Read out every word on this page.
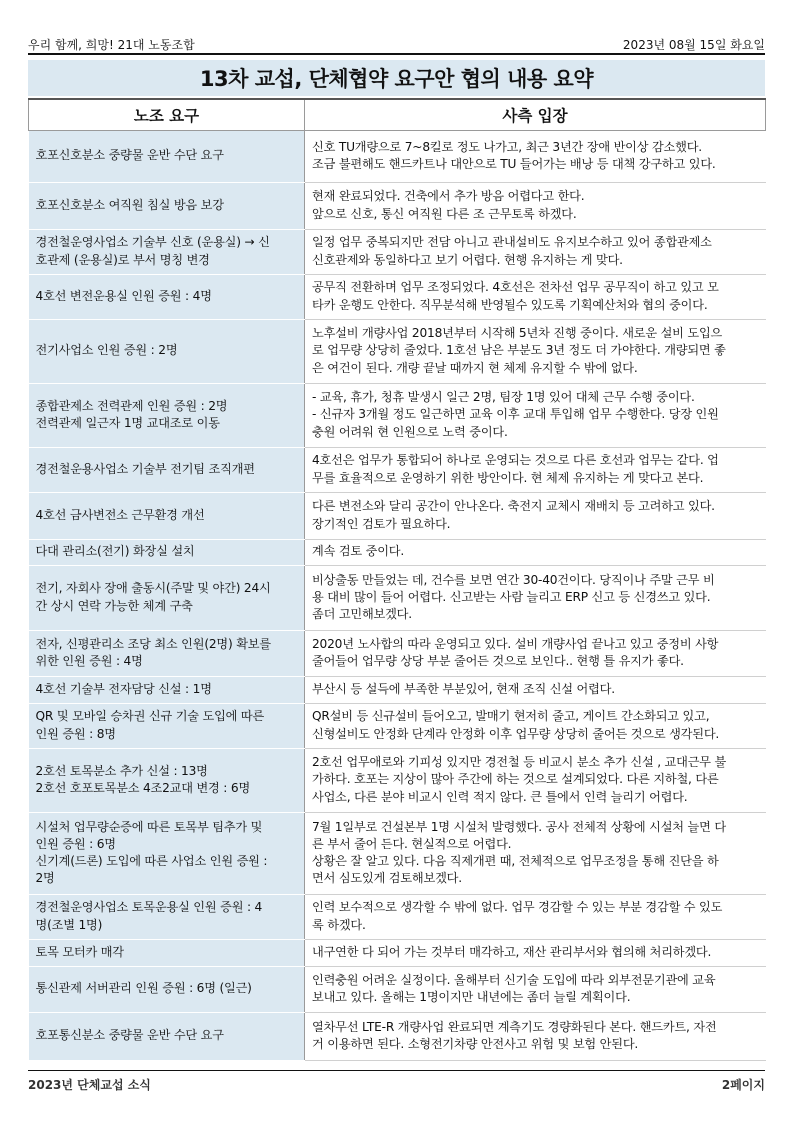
우리 함께, 희망! 21대 노동조합	2023년 08월 15일 화요일
13차 교섭, 단체협약 요구안 협의 내용 요약
노조 요구	사측 입장

호포신호분소 중량물 운반 수단 요구	신호 TU개량으로 7~8킬로 정도 나가고, 최근 3년간 장애 반이상 감소했다.
조금 불편해도 핸드카트나 대안으로 TU 들어가는 배낭 등 대책 강구하고 있다.

호포신호분소 여직원 침실 방음 보강	현재 완료되었다. 건축에서 추가 방음 어렵다고 한다.
앞으로 신호, 통신 여직원 다른 조 근무토록 하겠다.

경전철운영사업소 기술부 신호 (운용실) → 신
호관제 (운용실)로 부서 명칭 변경	일정 업무 중복되지만 전담 아니고 관내설비도 유지보수하고 있어 종합관제소
신호관제와 동일하다고 보기 어렵다. 현행 유지하는 게 맞다.

4호선 변전운용실 인원 증원 : 4명	공무직 전환하며 업무 조정되었다. 4호선은 전차선 업무 공무직이 하고 있고 모
타카 운행도 안한다. 직무분석해 반영될수 있도록 기획예산처와 협의 중이다.

전기사업소 인원 증원 : 2명	노후설비 개량사업 2018년부터 시작해 5년차 진행 중이다. 새로운 설비 도입으
로 업무량 상당히 줄었다. 1호선 남은 부분도 3년 정도 더 가야한다. 개량되면 좋
은 여건이 된다. 개량 끝날 때까지 현 체제 유지할 수 밖에 없다.

종합관제소 전력관제 인원 증원 : 2명
전력관제 일근자 1명 교대조로 이동	- 교육, 휴가, 청휴 발생시 일근 2명, 팀장 1명 있어 대체 근무 수행 중이다.
- 신규자 3개월 정도 일근하면 교육 이후 교대 투입해 업무 수행한다. 당장 인원
충원 어려워 현 인원으로 노력 중이다.

경전철운용사업소 기술부 전기팀 조직개편	4호선은 업무가 통합되어 하나로 운영되는 것으로 다른 호선과 업무는 같다. 업
무를 효율적으로 운영하기 위한 방안이다. 현 체제 유지하는 게 맞다고 본다.

4호선 금사변전소 근무환경 개선	다른 변전소와 달리 공간이 안나온다. 축전지 교체시 재배치 등 고려하고 있다.
장기적인 검토가 필요하다.

다대 관리소(전기) 화장실 설치	계속 검토 중이다.

전기, 자회사 장애 출동시(주말 및 야간) 24시
간 상시 연락 가능한 체계 구축	비상출동 만들었는 데, 건수를 보면 연간 30-40건이다. 당직이나 주말 근무 비
용 대비 많이 들어 어렵다. 신고받는 사람 늘리고 ERP 신고 등 신경쓰고 있다.
좀더 고민해보겠다.

전자, 신평관리소 조당 최소 인원(2명) 확보를
위한 인원 증원 : 4명	2020년 노사합의 따라 운영되고 있다. 설비 개량사업 끝나고 있고 중정비 사항
줄어들어 업무량 상당 부분 줄어든 것으로 보인다.. 현행 틀 유지가 좋다.

4호선 기술부 전자담당 신설 : 1명	부산시 등 설득에 부족한 부분있어, 현재 조직 신설 어렵다.

QR 및 모바일 승차권 신규 기술 도입에 따른
인원 증원 : 8명	QR설비 등 신규설비 들어오고, 발매기 현저히 줄고, 게이트 간소화되고 있고,
신형설비도 안정화 단계라 안정화 이후 업무량 상당히 줄어든 것으로 생각된다.

2호선 토목분소 추가 신설 : 13명
2호선 호포토목분소 4조2교대 변경 : 6명	2호선 업무애로와 기피성 있지만 경전철 등 비교시 분소 추가 신설 , 교대근무 불
가하다. 호포는 지상이 많아 주간에 하는 것으로 설계되었다. 다른 지하철, 다른
사업소, 다른 분야 비교시 인력 적지 않다. 큰 틀에서 인력 늘리기 어렵다.

시설처 업무량순증에 따른 토목부 팀추가 및
인원 증원 : 6명
신기계(드론) 도입에 따른 사업소 인원 증원 :
2명	7월 1일부로 건설본부 1명 시설처 발령했다. 공사 전체적 상황에 시설처 늘면 다
른 부서 줄어 든다. 현실적으로 어렵다.
상황은 잘 알고 있다. 다음 직제개편 때, 전체적으로 업무조정을 통해 진단을 하
면서 심도있게 검토해보겠다.

경전철운영사업소 토목운용실 인원 증원 : 4
명(조별 1명)	인력 보수적으로 생각할 수 밖에 없다. 업무 경감할 수 있는 부분 경감할 수 있도
록 하겠다.

토목 모터카 매각	내구연한 다 되어 가는 것부터 매각하고, 재산 관리부서와 협의해 처리하겠다.

통신관제 서버관리 인원 증원 : 6명 (일근)	인력충원 어려운 실정이다. 올해부터 신기술 도입에 따라 외부전문기관에 교육
보내고 있다. 올해는 1명이지만 내년에는 좀더 늘릴 계획이다.

호포통신분소 중량물 운반 수단 요구	열차무선 LTE-R 개량사업 완료되면 계측기도 경량화된다 본다. 핸드카트, 자전
거 이용하면 된다. 소형전기차량 안전사고 위험 및 보험 안된다.
2023년 단체교섭 소식	2페이지
